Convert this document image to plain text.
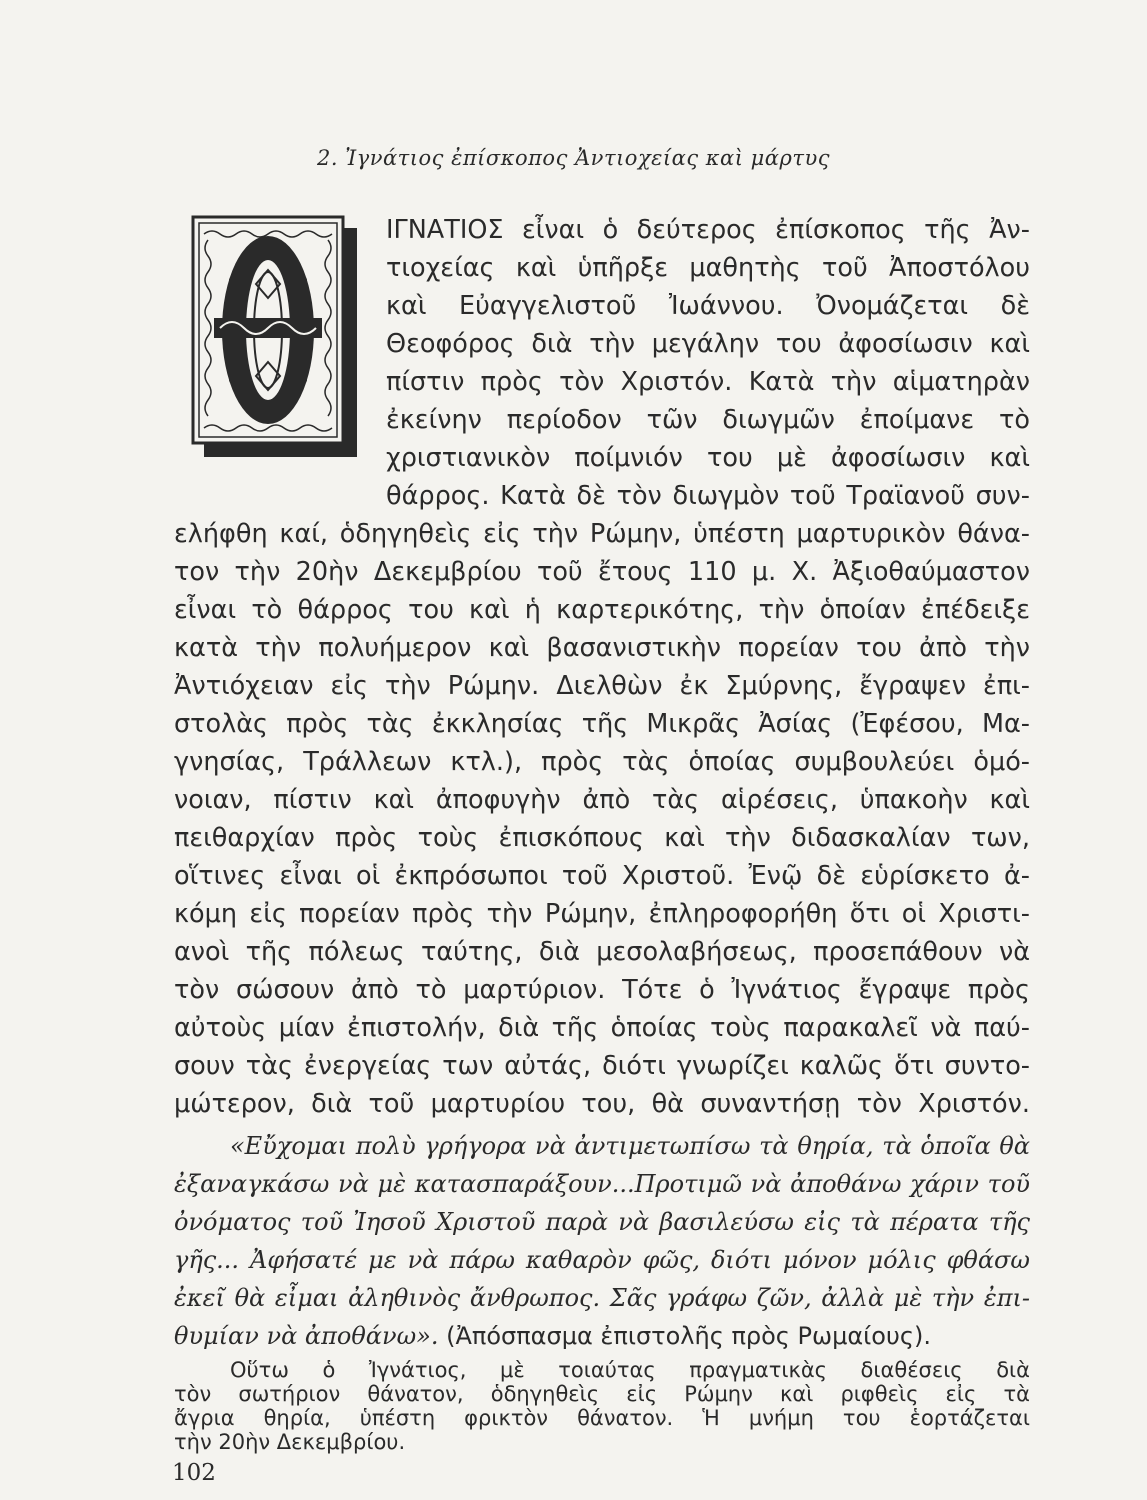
2. Ἰγνάτιος ἐπίσκοπος Ἀντιοχείας καὶ μάρτυς
ΙΓΝΑΤΙΟΣ εἶναι ὁ δεύτερος ἐπίσκοπος τῆς Ἀν-
τιοχείας καὶ ὑπῆρξε μαθητὴς τοῦ Ἀποστόλου
καὶ Εὐαγγελιστοῦ Ἰωάννου. Ὀνομάζεται δὲ
Θεοφόρος διὰ τὴν μεγάλην του ἀφοσίωσιν καὶ
πίστιν πρὸς τὸν Χριστόν. Κατὰ τὴν αἱματηρὰν
ἐκείνην περίοδον τῶν διωγμῶν ἐποίμανε τὸ
χριστιανικὸν ποίμνιόν του μὲ ἀφοσίωσιν καὶ
θάρρος. Κατὰ δὲ τὸν διωγμὸν τοῦ Τραϊανοῦ συν-
ελήφθη καί, ὁδηγηθεὶς εἰς τὴν Ρώμην, ὑπέστη μαρτυρικὸν θάνα-
τον τὴν 20ὴν Δεκεμβρίου τοῦ ἔτους 110 μ. Χ. Ἀξιοθαύμαστον
εἶναι τὸ θάρρος του καὶ ἡ καρτερικότης, τὴν ὁποίαν ἐπέδειξε
κατὰ τὴν πολυήμερον καὶ βασανιστικὴν πορείαν του ἀπὸ τὴν
Ἀντιόχειαν εἰς τὴν Ρώμην. Διελθὼν ἐκ Σμύρνης, ἔγραψεν ἐπι-
στολὰς πρὸς τὰς ἐκκλησίας τῆς Μικρᾶς Ἀσίας (Ἐφέσου, Μα-
γνησίας, Τράλλεων κτλ.), πρὸς τὰς ὁποίας συμβουλεύει ὁμό-
νοιαν, πίστιν καὶ ἀποφυγὴν ἀπὸ τὰς αἱρέσεις, ὑπακοὴν καὶ
πειθαρχίαν πρὸς τοὺς ἐπισκόπους καὶ τὴν διδασκαλίαν των,
οἵτινες εἶναι οἱ ἐκπρόσωποι τοῦ Χριστοῦ. Ἐνῷ δὲ εὑρίσκετο ἀ-
κόμη εἰς πορείαν πρὸς τὴν Ρώμην, ἐπληροφορήθη ὅτι οἱ Χριστι-
ανοὶ τῆς πόλεως ταύτης, διὰ μεσολαβήσεως, προσεπάθουν νὰ
τὸν σώσουν ἀπὸ τὸ μαρτύριον. Τότε ὁ Ἰγνάτιος ἔγραψε πρὸς
αὐτοὺς μίαν ἐπιστολήν, διὰ τῆς ὁποίας τοὺς παρακαλεῖ νὰ παύ-
σουν τὰς ἐνεργείας των αὐτάς, διότι γνωρίζει καλῶς ὅτι συντο-
μώτερον, διὰ τοῦ μαρτυρίου του, θὰ συναντήσῃ τὸν Χριστόν.
«Εὔχομαι πολὺ γρήγορα νὰ ἀντιμετωπίσω τὰ θηρία, τὰ ὁποῖα θὰ
ἐξαναγκάσω νὰ μὲ κατασπαράξουν...Προτιμῶ νὰ ἀποθάνω χάριν τοῦ
ὀνόματος τοῦ Ἰησοῦ Χριστοῦ παρὰ νὰ βασιλεύσω εἰς τὰ πέρατα τῆς
γῆς... Ἀφήσατέ με νὰ πάρω καθαρὸν φῶς, διότι μόνον μόλις φθάσω
ἐκεῖ θὰ εἶμαι ἀληθινὸς ἄνθρωπος. Σᾶς γράφω ζῶν, ἀλλὰ μὲ τὴν ἐπι-
θυμίαν νὰ ἀποθάνω». (Ἀπόσπασμα ἐπιστολῆς πρὸς Ρωμαίους).
Οὕτω ὁ Ἰγνάτιος, μὲ τοιαύτας πραγματικὰς διαθέσεις διὰ
102
τὸν σωτήριον θάνατον, ὁδηγηθεὶς εἰς Ρώμην καὶ ριφθεὶς εἰς τὰ
ἄγρια θηρία, ὑπέστη φρικτὸν θάνατον. Ἡ μνήμη του ἑορτάζεται
τὴν 20ὴν Δεκεμβρίου.
